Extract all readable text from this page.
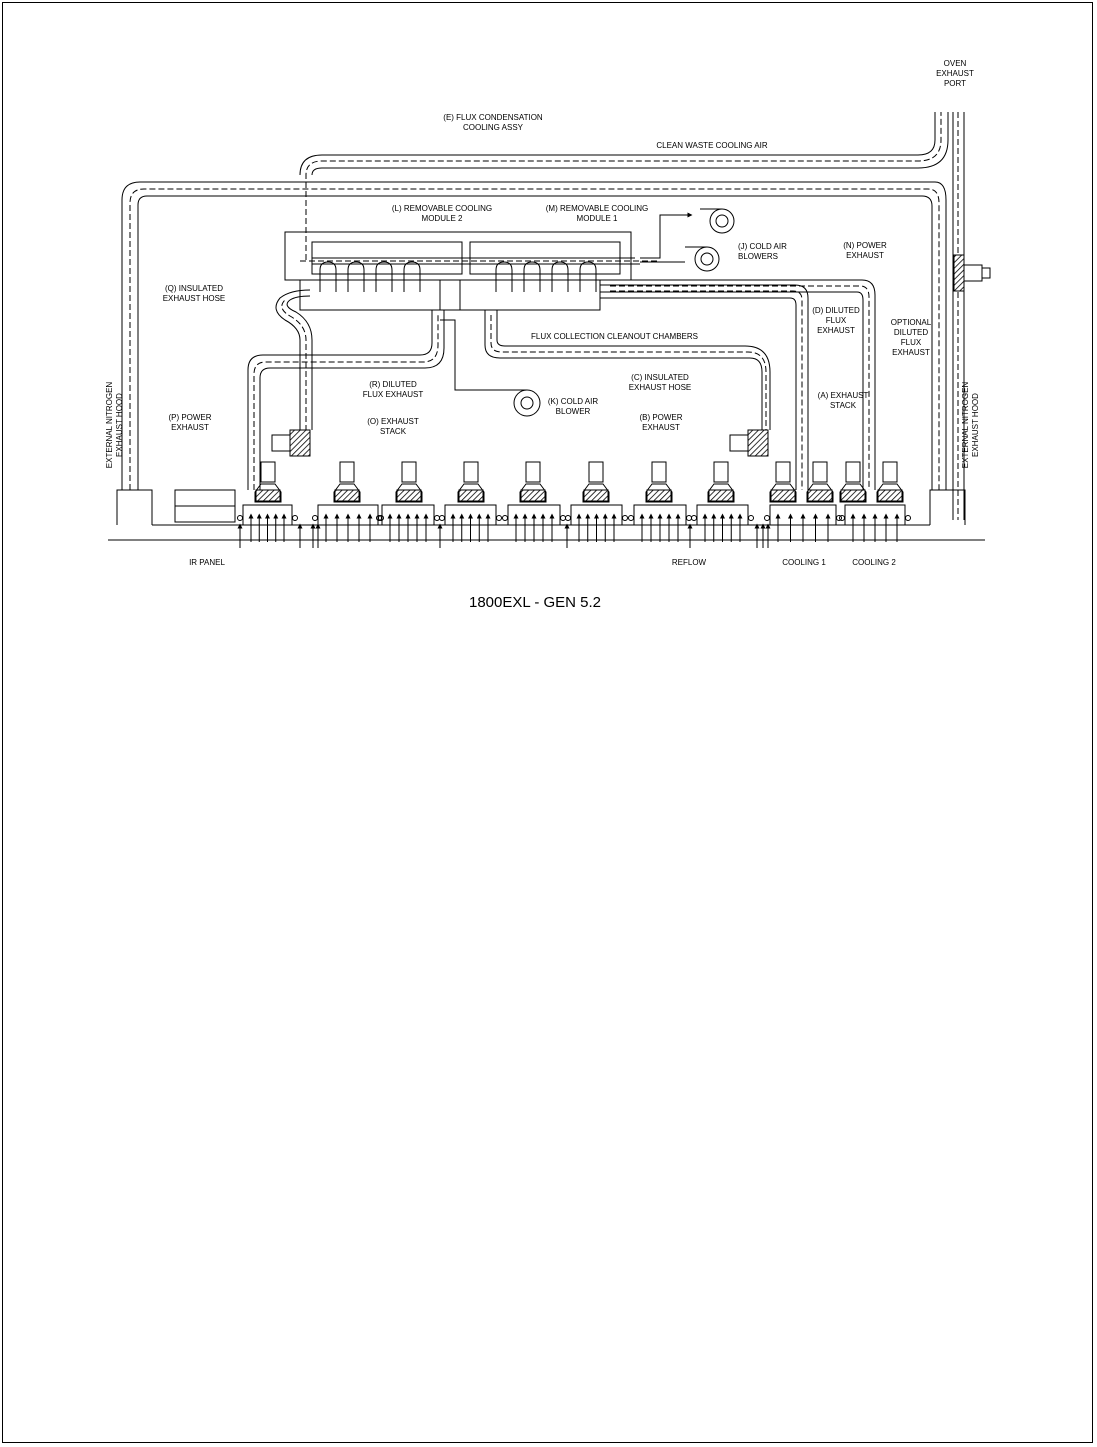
OVEN EXHAUST PORT
(E) FLUX CONDENSATION COOLING ASSY
CLEAN WASTE COOLING AIR
(L) REMOVABLE COOLING MODULE 2
(M) REMOVABLE COOLING MODULE 1
(J) COLD AIR BLOWERS
(N) POWER EXHAUST
(Q) INSULATED EXHAUST HOSE
(D) DILUTED FLUX EXHAUST
OPTIONAL DILUTED FLUX EXHAUST
FLUX COLLECTION CLEANOUT CHAMBERS
(R) DILUTED FLUX EXHAUST
(C) INSULATED EXHAUST HOSE
(K) COLD AIR BLOWER
(A) EXHAUST STACK
(P) POWER EXHAUST
(O) EXHAUST STACK
(B) POWER EXHAUST
EXTERNAL NITROGENEXHAUST HOOD	EXTERNAL NITROGENEXHAUST HOOD
IR PANEL	REFLOW	COOLING 1	COOLING 2
1800EXL - GEN 5.2
